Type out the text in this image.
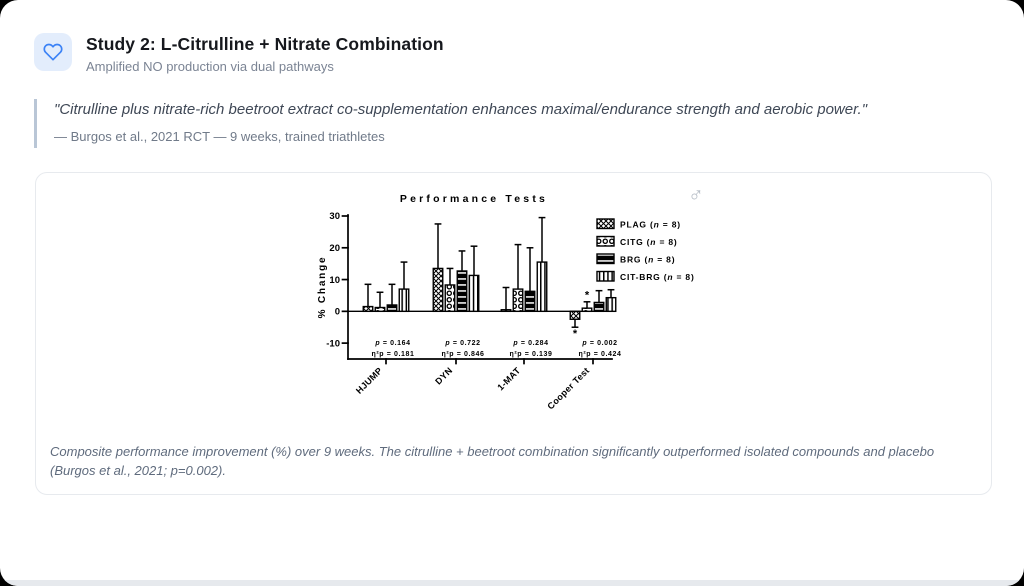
Study 2: L-Citrulline + Nitrate Combination
Amplified NO production via dual pathways

"Citrulline plus nitrate-rich beetroot extract co-supplementation enhances maximal/endurance strength and aerobic power."

— Burgos et al., 2021 RCT — 9 weeks, trained triathletes
Performance Tests
% Change
30
20
10
0
-10
HJUMP
p = 0.164
η²p = 0.181
DYN
p = 0.722
η²p = 0.846
1-MAT
p = 0.284
η²p = 0.139
Cooper Test
p = 0.002
η²p = 0.424
PLAG (n = 8)
CITG (n = 8)
BRG (n = 8)
CIT-BRG (n = 8)
*
*
♂
Composite performance improvement (%) over 9 weeks. The citrulline + beetroot combination significantly outperformed isolated compounds and placebo (Burgos et al., 2021; p=0.002).
